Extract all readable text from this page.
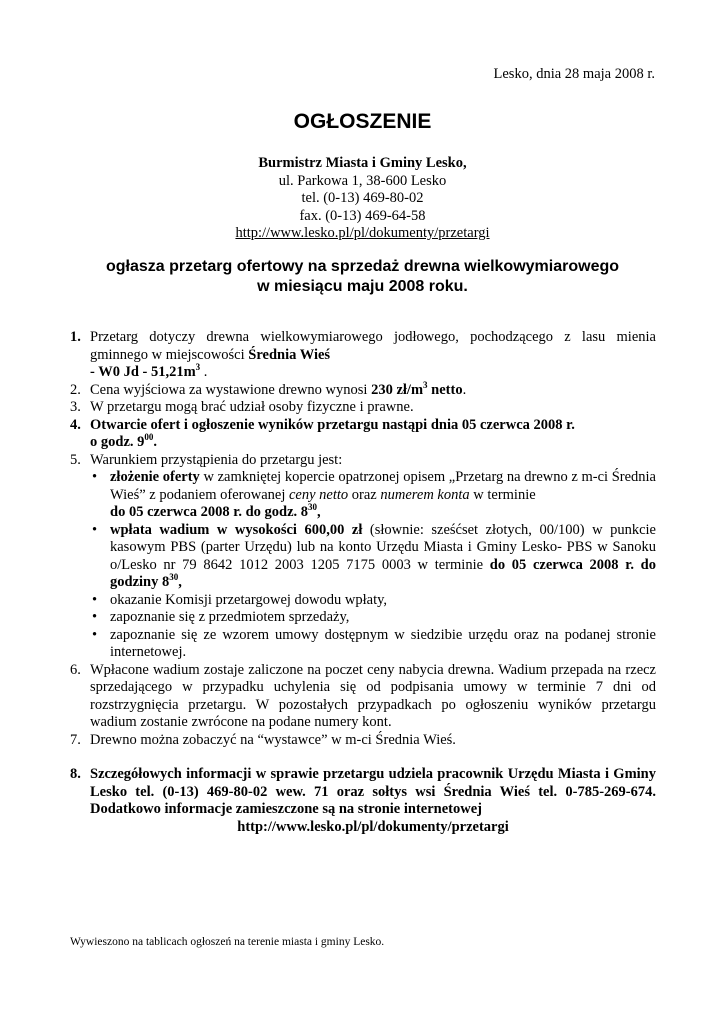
Lesko, dnia 28 maja 2008 r.
OGŁOSZENIE
Burmistrz Miasta i Gminy Lesko,
ul. Parkowa 1, 38-600 Lesko
tel. (0-13) 469-80-02
fax. (0-13) 469-64-58
http://www.lesko.pl/pl/dokumenty/przetargi
ogłasza przetarg ofertowy na sprzedaż drewna wielkowymiarowego
w miesiącu maju 2008 roku.
1. Przetarg dotyczy drewna wielkowymiarowego jodłowego, pochodzącego z lasu mienia gminnego w miejscowości Średnia Wieś
- W0 Jd - $51,21m^3$ .
2. Cena wyjściowa za wystawione drewno wynosi 230 $zł/m^3$ netto.
3. W przetargu mogą brać udział osoby fizyczne i prawne.
4. Otwarcie ofert i ogłoszenie wyników przetargu nastąpi dnia 05 czerwca 2008 r.
o godz. $9^{00}$.
5. Warunkiem przystąpienia do przetargu jest:
• złożenie oferty w zamkniętej kopercie opatrzonej opisem „Przetarg na drewno z m-ci Średnia Wieś” z podaniem oferowanej ceny netto oraz numerem konta w terminie
do 05 czerwca 2008 r. do godz. $8^{30}$,
• wpłata wadium w wysokości 600,00 zł (słownie: sześćset złotych, 00/100) w punkcie kasowym PBS (parter Urzędu) lub na konto Urzędu Miasta i Gminy Lesko- PBS w Sanoku o/Lesko nr 79 8642 1012 2003 1205 7175 0003 w terminie do 05 czerwca 2008 r. do godziny $8^{30}$,
• okazanie Komisji przetargowej dowodu wpłaty,
• zapoznanie się z przedmiotem sprzedaży,
• zapoznanie się ze wzorem umowy dostępnym w siedzibie urzędu oraz na podanej stronie internetowej.
6. Wpłacone wadium zostaje zaliczone na poczet ceny nabycia drewna. Wadium przepada na rzecz sprzedającego w przypadku uchylenia się od podpisania umowy w terminie 7 dni od rozstrzygnięcia przetargu. W pozostałych przypadkach po ogłoszeniu wyników przetargu wadium zostanie zwrócone na podane numery kont.
7. Drewno można zobaczyć na “wystawce” w m-ci Średnia Wieś.
8. Szczegółowych informacji w sprawie przetargu udziela pracownik Urzędu Miasta i Gminy Lesko tel. (0-13) 469-80-02 wew. 71 oraz sołtys wsi Średnia Wieś tel. 0-785-269-674. Dodatkowo informacje zamieszczone są na stronie internetowej
http://www.lesko.pl/pl/dokumenty/przetargi
Wywieszono na tablicach ogłoszeń na terenie miasta i gminy Lesko.
